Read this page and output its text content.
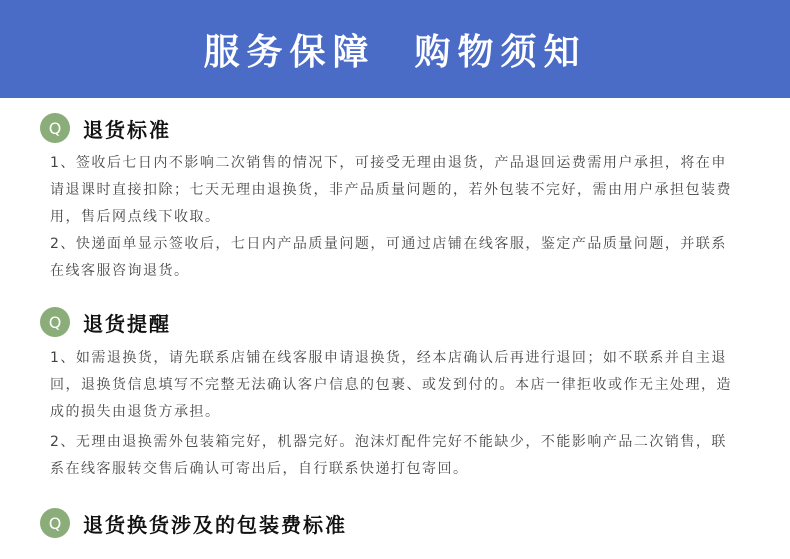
服务保障  购物须知
Q	退货标准
1、签收后七日内不影响二次销售的情况下，可接受无理由退货，产品退回运费需用户承担，将在申请退课时直接扣除；七天无理由退换货，非产品质量问题的，若外包装不完好，需由用户承担包装费用，售后网点线下收取。
2、快递面单显示签收后，七日内产品质量问题，可通过店铺在线客服，鉴定产品质量问题，并联系在线客服咨询退货。
Q	退货提醒
1、如需退换货，请先联系店铺在线客服申请退换货，经本店确认后再进行退回；如不联系并自主退回，退换货信息填写不完整无法确认客户信息的包裹、或发到付的。本店一律拒收或作无主处理，造成的损失由退货方承担。
2、无理由退换需外包装箱完好，机器完好。泡沫灯配件完好不能缺少，不能影响产品二次销售，联系在线客服转交售后确认可寄出后，自行联系快递打包寄回。
Q	退货换货涉及的包装费标准
